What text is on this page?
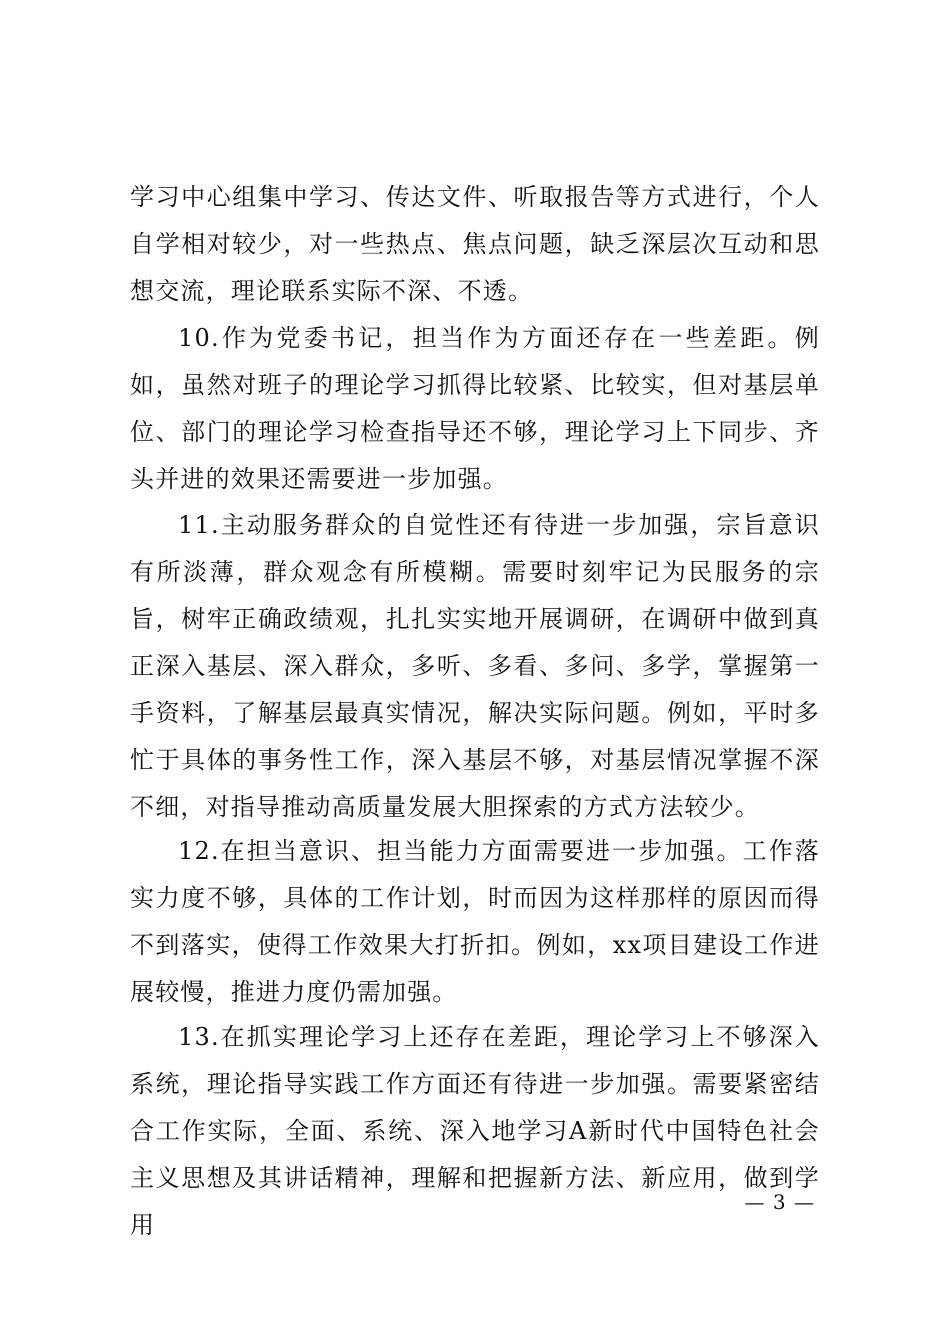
学习中心组集中学习、传达文件、听取报告等方式进行，个人自学相对较少，对一些热点、焦点问题，缺乏深层次互动和思想交流，理论联系实际不深、不透。

10.作为党委书记，担当作为方面还存在一些差距。例如，虽然对班子的理论学习抓得比较紧、比较实，但对基层单位、部门的理论学习检查指导还不够，理论学习上下同步、齐头并进的效果还需要进一步加强。

11.主动服务群众的自觉性还有待进一步加强，宗旨意识有所淡薄，群众观念有所模糊。需要时刻牢记为民服务的宗旨，树牢正确政绩观，扎扎实实地开展调研，在调研中做到真正深入基层、深入群众，多听、多看、多问、多学，掌握第一手资料，了解基层最真实情况，解决实际问题。例如，平时多忙于具体的事务性工作，深入基层不够，对基层情况掌握不深不细，对指导推动高质量发展大胆探索的方式方法较少。

12.在担当意识、担当能力方面需要进一步加强。工作落实力度不够，具体的工作计划，时而因为这样那样的原因而得不到落实，使得工作效果大打折扣。例如，xx项目建设工作进展较慢，推进力度仍需加强。

13.在抓实理论学习上还存在差距，理论学习上不够深入系统，理论指导实践工作方面还有待进一步加强。需要紧密结合工作实际，全面、系统、深入地学习A新时代中国特色社会主义思想及其讲话精神，理解和把握新方法、新应用，做到学用

— 3 —
